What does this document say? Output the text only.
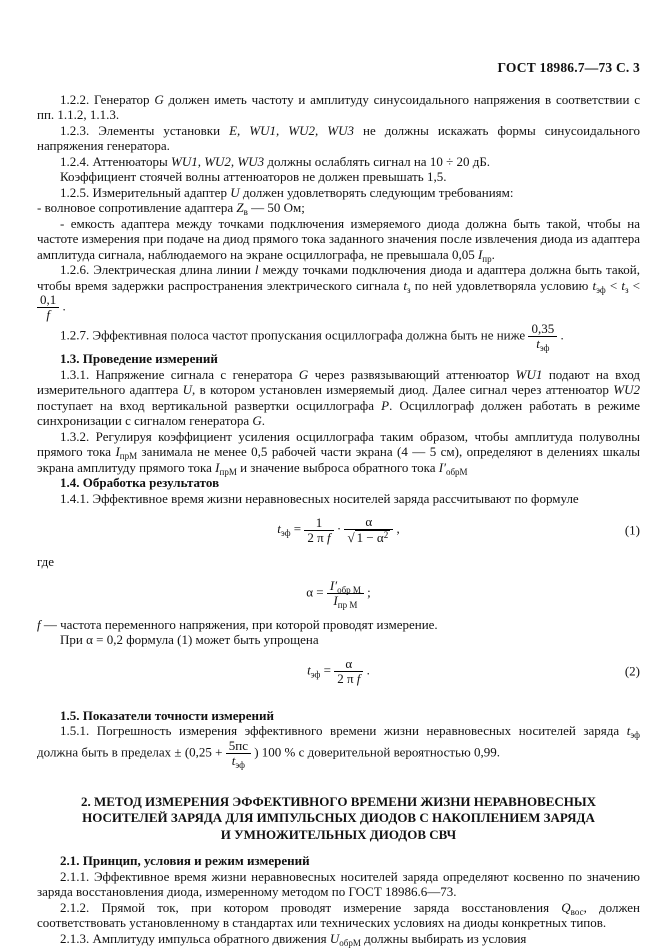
ГОСТ 18986.7—73 С. 3

1.2.2. Генератор G должен иметь частоту и амплитуду синусоидального напряжения в соответствии с пп. 1.1.2, 1.1.3.

1.2.3. Элементы установки E, WU1, WU2, WU3 не должны искажать формы синусоидального напряжения генератора.

1.2.4. Аттенюаторы WU1, WU2, WU3 должны ослаблять сигнал на 10 ÷ 20 дБ.

Коэффициент стоячей волны аттенюаторов не должен превышать 1,5.

1.2.5. Измерительный адаптер U должен удовлетворять следующим требованиям:

- волновое сопротивление адаптера $Z_в$ — 50 Ом;

- емкость адаптера между точками подключения измеряемого диода должна быть такой, чтобы на частоте измерения при подаче на диод прямого тока заданного значения после извлечения диода из адаптера амплитуда сигнала, наблюдаемого на экране осциллографа, не превышала 0,05 $I_{пр}$.

1.2.6. Электрическая длина линии l между точками подключения диода и адаптера должна быть такой, чтобы время задержки распространения электрического сигнала $t_з$ по ней удовлетворяла условию $t_{эф} < t_з$ <
$\frac{0,1}{f}$ .

1.2.7. Эффективная полоса частот пропускания осциллографа должна быть не ниже $\frac{0,35}{t_{эф}}$ .

1.3. Проведение измерений

1.3.1. Напряжение сигнала с генератора G через развязывающий аттенюатор WU1 подают на вход измерительного адаптера U, в котором установлен измеряемый диод. Далее сигнал через аттенюатор WU2 поступает на вход вертикальной развертки осциллографа P. Осциллограф должен работать в режиме синхронизации с сигналом генератора G.

1.3.2. Регулируя коэффициент усиления осциллографа таким образом, чтобы амплитуда полуволны прямого тока $I_{прМ}$ занимала не менее 0,5 рабочей части экрана (4 — 5 см), определяют в делениях шкалы экрана амплитуду прямого тока $I_{прМ}$ и значение выброса обратного тока $I'_{обрМ}$

1.4. Обработка результатов

1.4.1. Эффективное время жизни неравновесных носителей заряда рассчитывают по формуле

$t_{эф} = \frac{1}{\text{2 π f}} \cdot \frac{\alpha}{√ 1 - \alpha^2}$ ,	(1)

где

$\alpha = \frac{I'_{обр М}}{I_{пр М}}$ ;

f — частота переменного напряжения, при которой проводят измерение.

При α = 0,2 формула (1) может быть упрощена

$t_{эф} = \frac{\alpha}{\text{2 π f}}$ .	(2)

1.5. Показатели точности измерений

1.5.1. Погрешность измерения эффективного времени жизни неравновесных носителей заряда $t_{эф}$ должна быть в пределах ± ($0,25 + \frac{5пс}{t_{эф}}$ ) 100 % с доверительной вероятностью 0,99.

2. МЕТОД ИЗМЕРЕНИЯ ЭФФЕКТИВНОГО ВРЕМЕНИ ЖИЗНИ НЕРАВНОВЕСНЫХ
НОСИТЕЛЕЙ ЗАРЯДА ДЛЯ ИМПУЛЬСНЫХ ДИОДОВ С НАКОПЛЕНИЕМ ЗАРЯДА
И УМНОЖИТЕЛЬНЫХ ДИОДОВ СВЧ

2.1. Принцип, условия и режим измерений

2.1.1. Эффективное время жизни неравновесных носителей заряда определяют косвенно по значению заряда восстановления диода, измеренному методом по ГОСТ 18986.6—73.

2.1.2. Прямой ток, при котором проводят измерение заряда восстановления $Q_{вос}$, должен соответствовать установленному в стандартах или технических условиях на диоды конкретных типов.

2.1.3. Амплитуду импульса обратного движения $U_{обрМ}$ должны выбирать из условия
